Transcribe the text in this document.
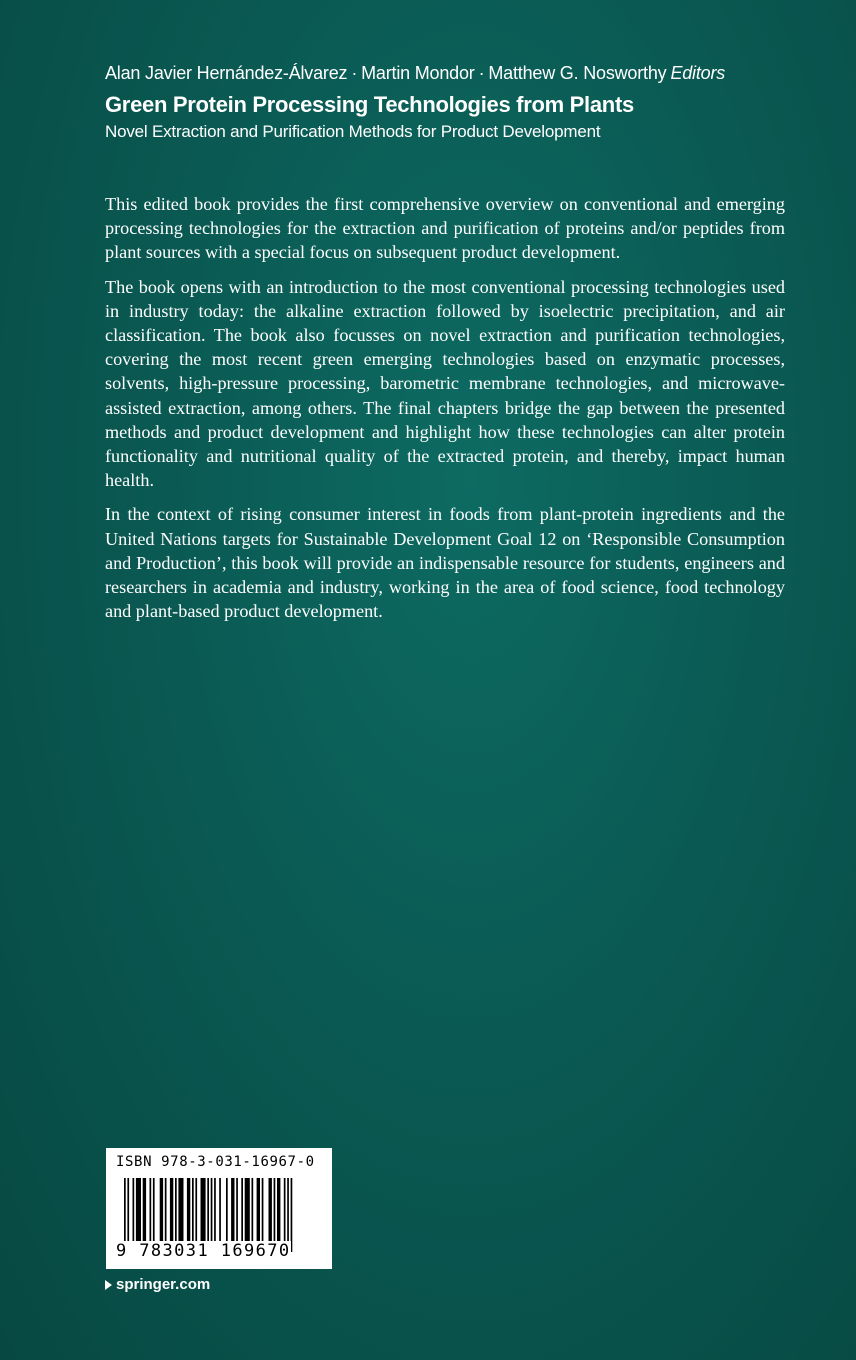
Alan Javier Hernández-Álvarez · Martin Mondor · Matthew G. Nosworthy Editors
Green Protein Processing Technologies from Plants
Novel Extraction and Purification Methods for Product Development

This edited book provides the first comprehensive overview on conventional and emerging processing technologies for the extraction and purification of proteins and/or peptides from plant sources with a special focus on subsequent product development.

The book opens with an introduction to the most conventional processing technologies used in industry today: the alkaline extraction followed by isoelectric precipitation, and air classification. The book also focusses on novel extraction and purification technologies, covering the most recent green emerging technologies based on enzymatic processes, solvents, high-pressure processing, barometric membrane technologies, and microwave-assisted extraction, among others. The final chapters bridge the gap between the presented methods and product development and highlight how these technologies can alter protein functionality and nutritional quality of the extracted protein, and thereby, impact human health.

In the context of rising consumer interest in foods from plant-protein ingredients and the United Nations targets for Sustainable Development Goal 12 on ‘Responsible Consumption and Production’, this book will provide an indispensable resource for students, engineers and researchers in academia and industry, working in the area of food science, food technology and plant-based product development.

ISBN 978-3-031-16967-0
9 783031 169670
springer.com
